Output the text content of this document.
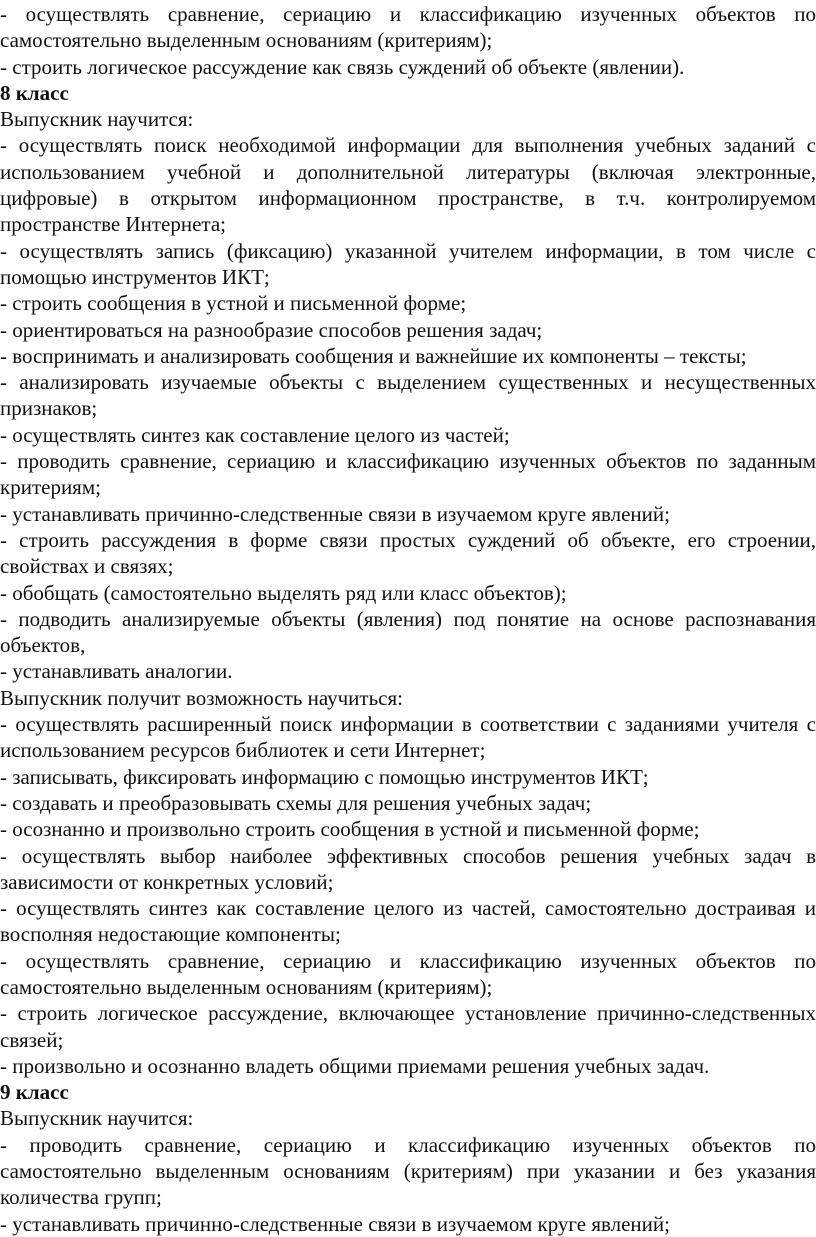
- осуществлять сравнение, сериацию и классификацию изученных объектов по самостоятельно выделенным основаниям (критериям);

- строить логическое рассуждение как связь суждений об объекте (явлении).

8 класс

Выпускник научится:

- осуществлять поиск необходимой информации для выполнения учебных заданий с использованием учебной и дополнительной литературы (включая электронные, цифровые) в открытом информационном пространстве, в т.ч. контролируемом пространстве Интернета;

- осуществлять запись (фиксацию) указанной учителем информации, в том числе с помощью инструментов ИКТ;

- строить сообщения в устной и письменной форме;

- ориентироваться на разнообразие способов решения задач;

- воспринимать и анализировать сообщения и важнейшие их компоненты – тексты;

- анализировать изучаемые объекты с выделением существенных и несущественных признаков;

- осуществлять синтез как составление целого из частей;

- проводить сравнение, сериацию и классификацию изученных объектов по заданным критериям;

- устанавливать причинно-следственные связи в изучаемом круге явлений;

- строить рассуждения в форме связи простых суждений об объекте, его строении, свойствах и связях;

- обобщать (самостоятельно выделять ряд или класс объектов);

- подводить анализируемые объекты (явления) под понятие на основе распознавания объектов,

- устанавливать аналогии.

Выпускник получит возможность научиться:

- осуществлять расширенный поиск информации в соответствии с заданиями учителя с использованием ресурсов библиотек и сети Интернет;

- записывать, фиксировать информацию с помощью инструментов ИКТ;

- создавать и преобразовывать схемы для решения учебных задач;

- осознанно и произвольно строить сообщения в устной и письменной форме;

- осуществлять выбор наиболее эффективных способов решения учебных задач в зависимости от конкретных условий;

- осуществлять синтез как составление целого из частей, самостоятельно достраивая и восполняя недостающие компоненты;

- осуществлять сравнение, сериацию и классификацию изученных объектов по самостоятельно выделенным основаниям (критериям);

- строить логическое рассуждение, включающее установление причинно-следственных связей;

- произвольно и осознанно владеть общими приемами решения учебных задач.

9 класс

Выпускник научится:

- проводить сравнение, сериацию и классификацию изученных объектов по самостоятельно выделенным основаниям (критериям) при указании и без указания количества групп;

- устанавливать причинно-следственные связи в изучаемом круге явлений;
